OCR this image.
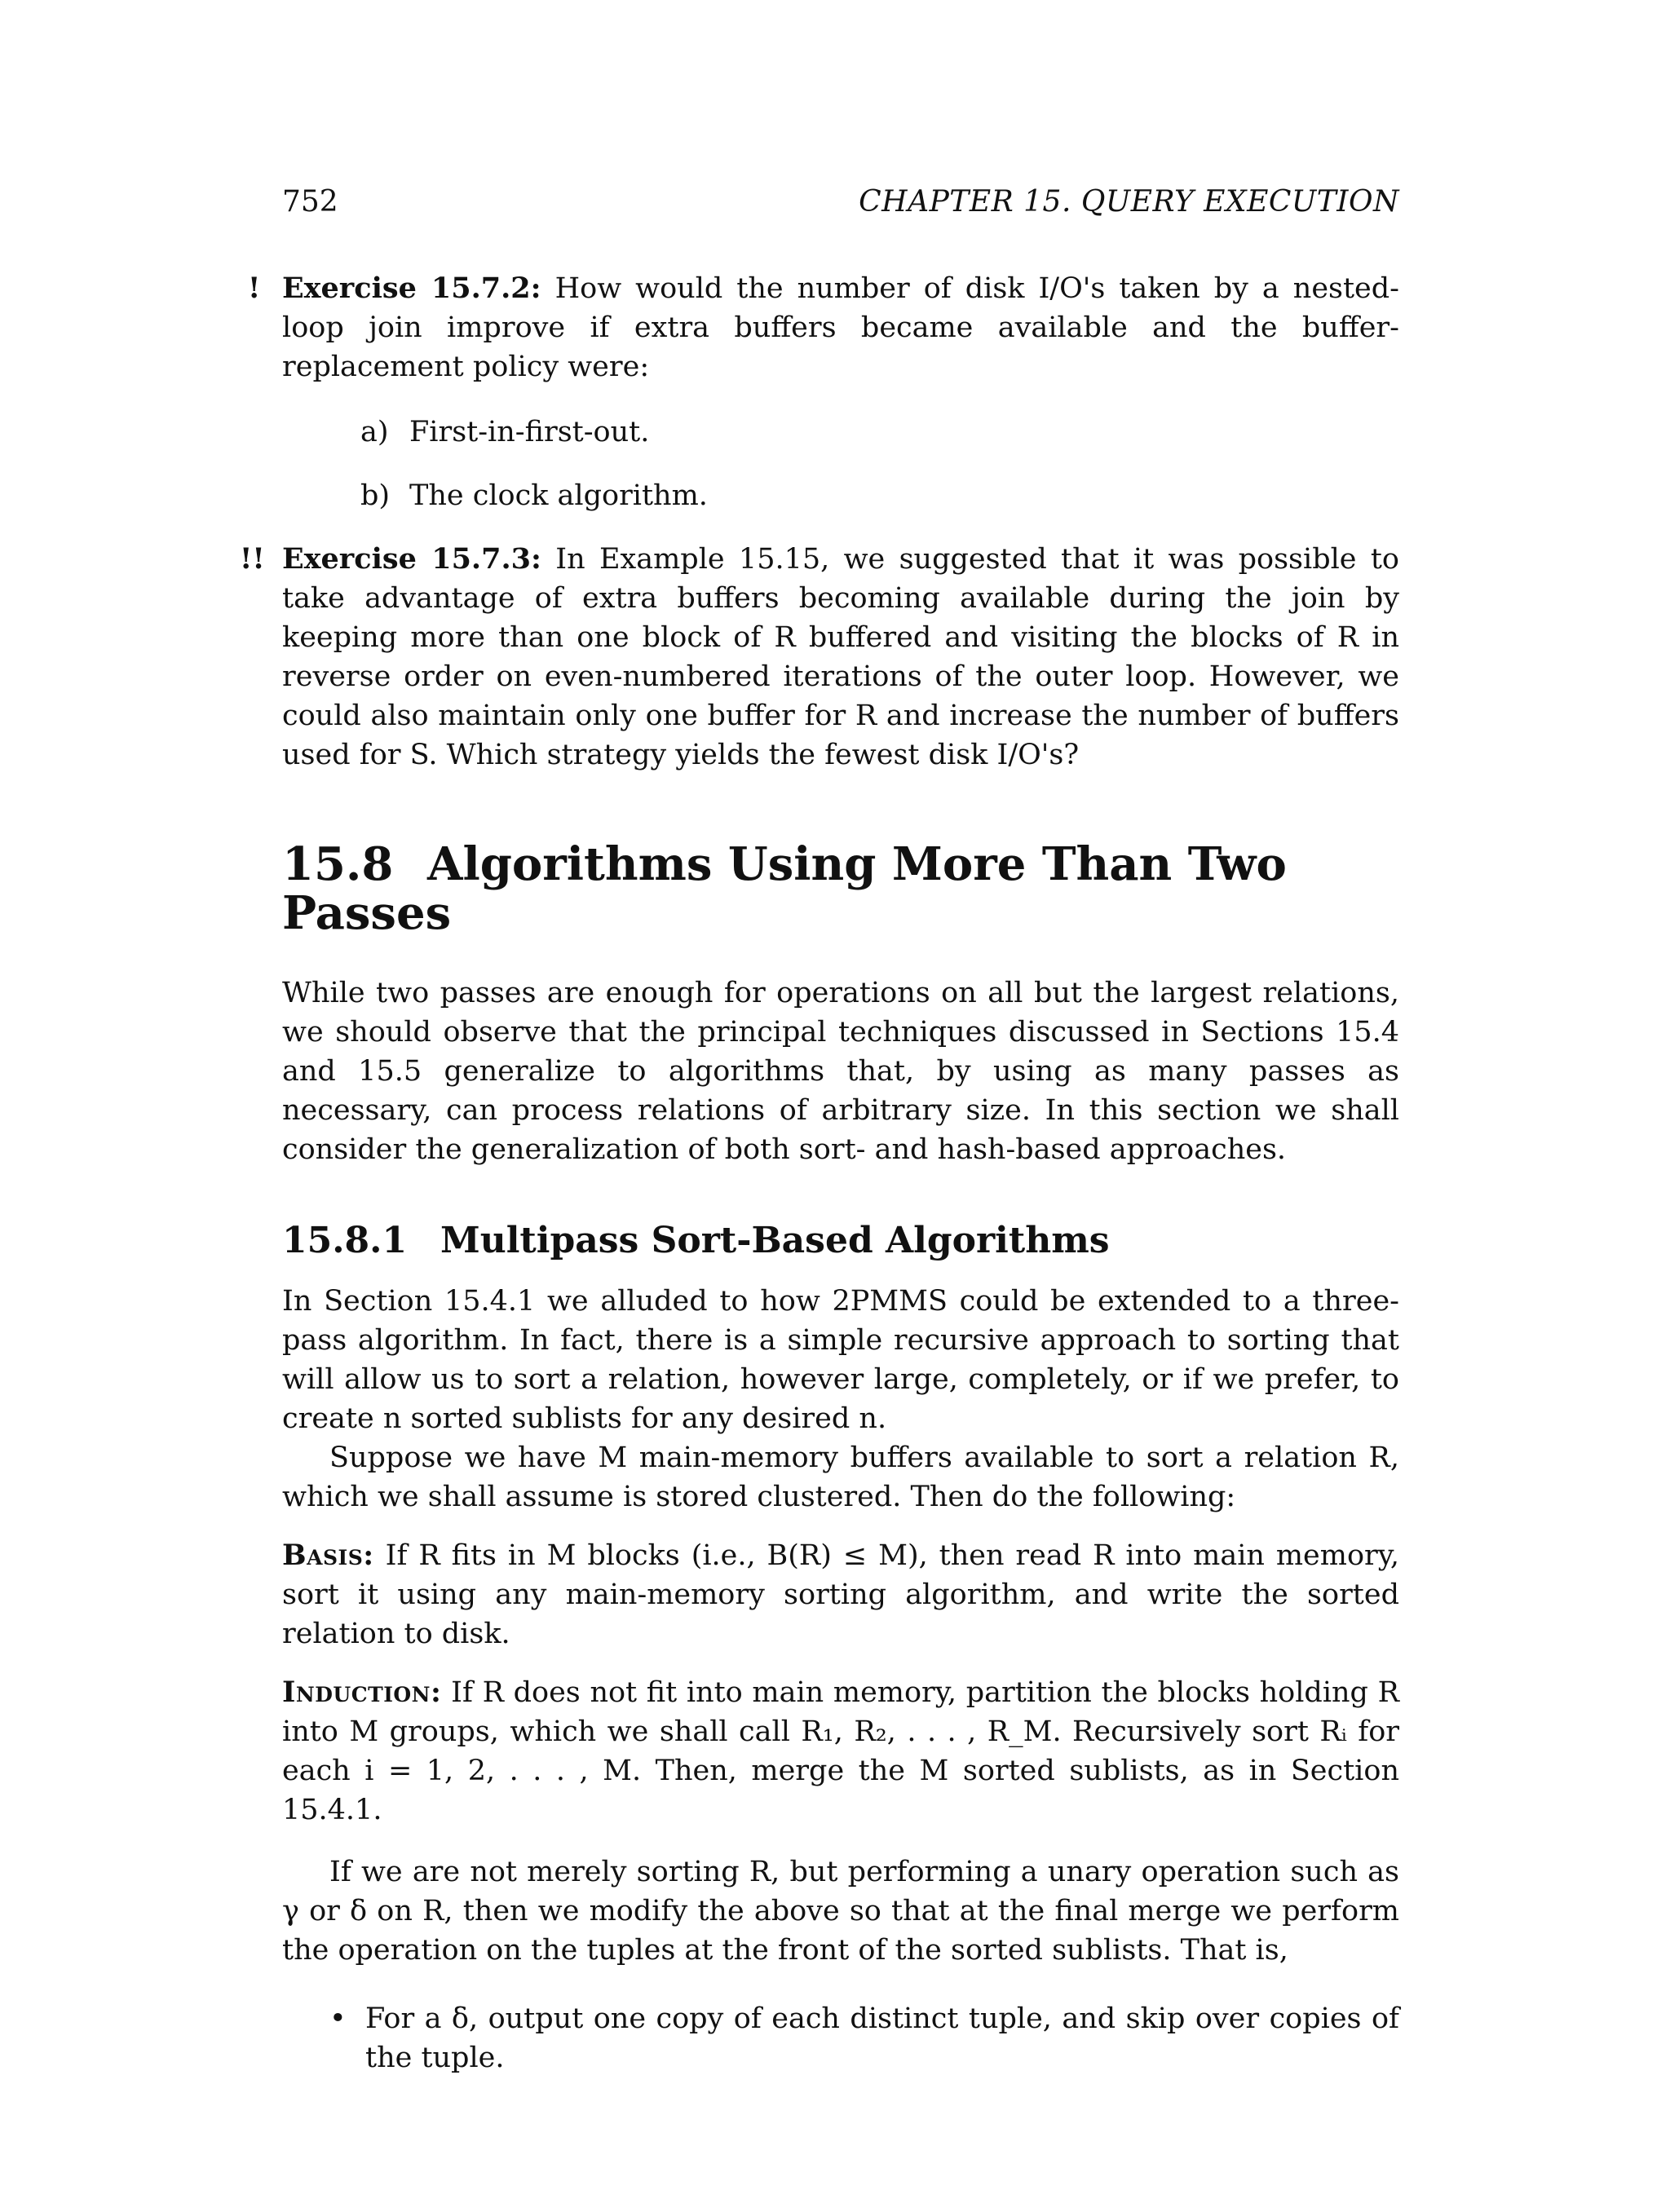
752	CHAPTER 15. QUERY EXECUTION
! Exercise 15.7.2: How would the number of disk I/O's taken by a nested-loop join improve if extra buffers became available and the buffer-replacement policy were:

a) First-in-first-out.
b) The clock algorithm.
!! Exercise 15.7.3: In Example 15.15, we suggested that it was possible to take advantage of extra buffers becoming available during the join by keeping more than one block of R buffered and visiting the blocks of R in reverse order on even-numbered iterations of the outer loop. However, we could also maintain only one buffer for R and increase the number of buffers used for S. Which strategy yields the fewest disk I/O's?

15.8 Algorithms Using More Than Two Passes

While two passes are enough for operations on all but the largest relations, we should observe that the principal techniques discussed in Sections 15.4 and 15.5 generalize to algorithms that, by using as many passes as necessary, can process relations of arbitrary size. In this section we shall consider the generalization of both sort- and hash-based approaches.

15.8.1 Multipass Sort-Based Algorithms

In Section 15.4.1 we alluded to how 2PMMS could be extended to a three-pass algorithm. In fact, there is a simple recursive approach to sorting that will allow us to sort a relation, however large, completely, or if we prefer, to create n sorted sublists for any desired n.

Suppose we have M main-memory buffers available to sort a relation R, which we shall assume is stored clustered. Then do the following:

Basis: If R fits in M blocks (i.e., B(R) ≤ M), then read R into main memory, sort it using any main-memory sorting algorithm, and write the sorted relation to disk.

Induction: If R does not fit into main memory, partition the blocks holding R into M groups, which we shall call R₁, R₂, . . . , R_M. Recursively sort Rᵢ for each i = 1, 2, . . . , M. Then, merge the M sorted sublists, as in Section 15.4.1.

If we are not merely sorting R, but performing a unary operation such as γ or δ on R, then we modify the above so that at the final merge we perform the operation on the tuples at the front of the sorted sublists. That is,

• For a δ, output one copy of each distinct tuple, and skip over copies of the tuple.
